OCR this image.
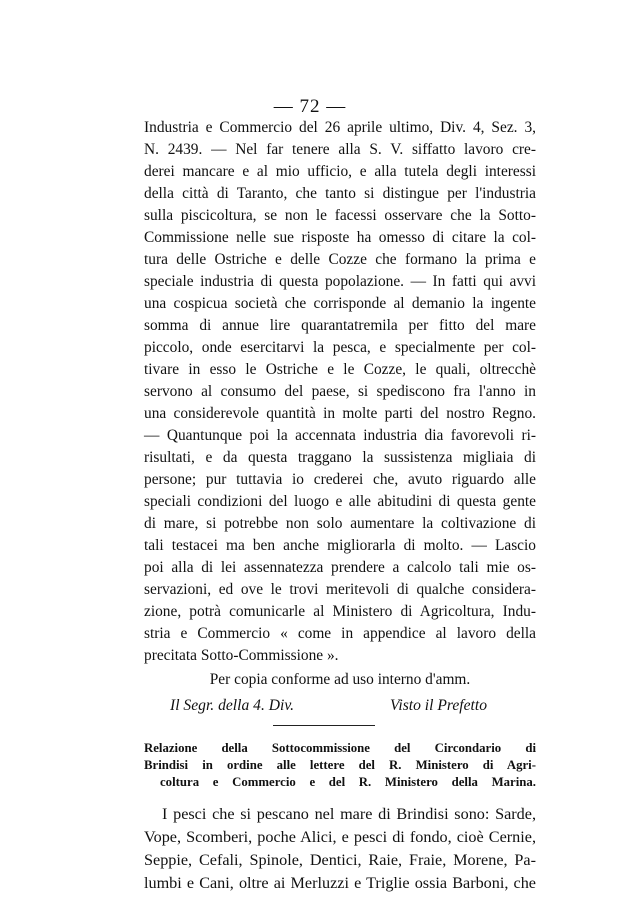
— 72 —
Industria e Commercio del 26 aprile ultimo, Div. 4, Sez. 3,
N. 2439. — Nel far tenere alla S. V. siffatto lavoro cre-
derei mancare e al mio ufficio, e alla tutela degli interessi
della città di Taranto, che tanto si distingue per l'industria
sulla piscicoltura, se non le facessi osservare che la Sotto-
Commissione nelle sue risposte ha omesso di citare la col-
tura delle Ostriche e delle Cozze che formano la prima e
speciale industria di questa popolazione. — In fatti qui avvi
una cospicua società che corrisponde al demanio la ingente
somma di annue lire quarantatremila per fitto del mare
piccolo, onde esercitarvi la pesca, e specialmente per col-
tivare in esso le Ostriche e le Cozze, le quali, oltrecchè
servono al consumo del paese, si spediscono fra l'anno in
una considerevole quantità in molte parti del nostro Regno.
— Quantunque poi la accennata industria dia favorevoli ri-
risultati, e da questa traggano la sussistenza migliaia di
persone; pur tuttavia io crederei che, avuto riguardo alle
speciali condizioni del luogo e alle abitudini di questa gente
di mare, si potrebbe non solo aumentare la coltivazione di
tali testacei ma ben anche migliorarla di molto. — Lascio
poi alla di lei assennatezza prendere a calcolo tali mie os-
servazioni, ed ove le trovi meritevoli di qualche considera-
zione, potrà comunicarle al Ministero di Agricoltura, Indu-
stria e Commercio « come in appendice al lavoro della
precitata Sotto-Commissione ».
Per copia conforme ad uso interno d'amm.
Il Segr. della 4. Div.	Visto il Prefetto
Relazione della Sottocommissione del Circondario di
Brindisi in ordine alle lettere del R. Ministero di Agri-
coltura e Commercio e del R. Ministero della Marina.
I pesci che si pescano nel mare di Brindisi sono: Sarde,
Vope, Scomberi, poche Alici, e pesci di fondo, cioè Cernie,
Seppie, Cefali, Spinole, Dentici, Raie, Fraie, Morene, Pa-
lumbi e Cani, oltre ai Merluzzi e Triglie ossia Barboni, che
